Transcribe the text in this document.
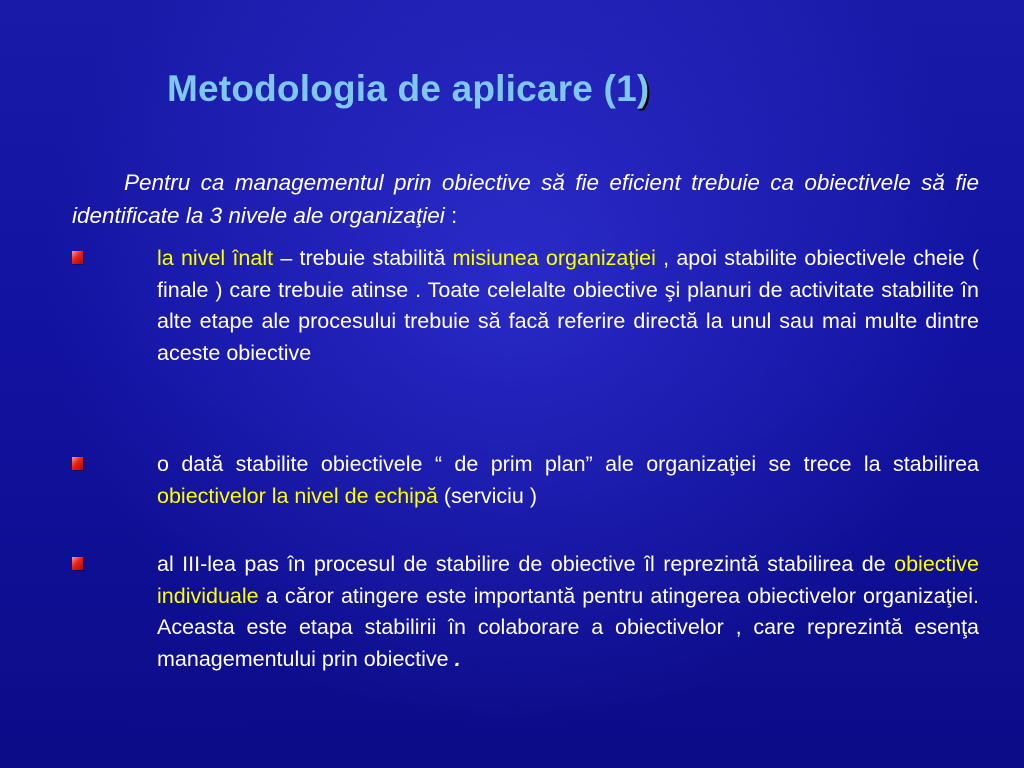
Metodologia de aplicare (1)

Pentru ca managementul prin obiective să fie eficient trebuie ca obiectivele să fie identificate la 3 nivele ale organizaţiei :

la nivel înalt – trebuie stabilită misiunea organizaţiei , apoi stabilite obiectivele cheie ( finale ) care trebuie atinse . Toate celelalte obiective şi planuri de activitate stabilite în alte etape ale procesului trebuie să facă referire directă la unul sau mai multe dintre aceste obiective

o dată stabilite obiectivele “ de prim plan” ale organizaţiei se trece la stabilirea obiectivelor la nivel de echipă (serviciu )

al III-lea pas în procesul de stabilire de obiective îl reprezintă stabilirea de obiective individuale a căror atingere este importantă pentru atingerea obiectivelor organizaţiei. Aceasta este etapa stabilirii în colaborare a obiectivelor , care reprezintă esenţa managementului prin obiective .
